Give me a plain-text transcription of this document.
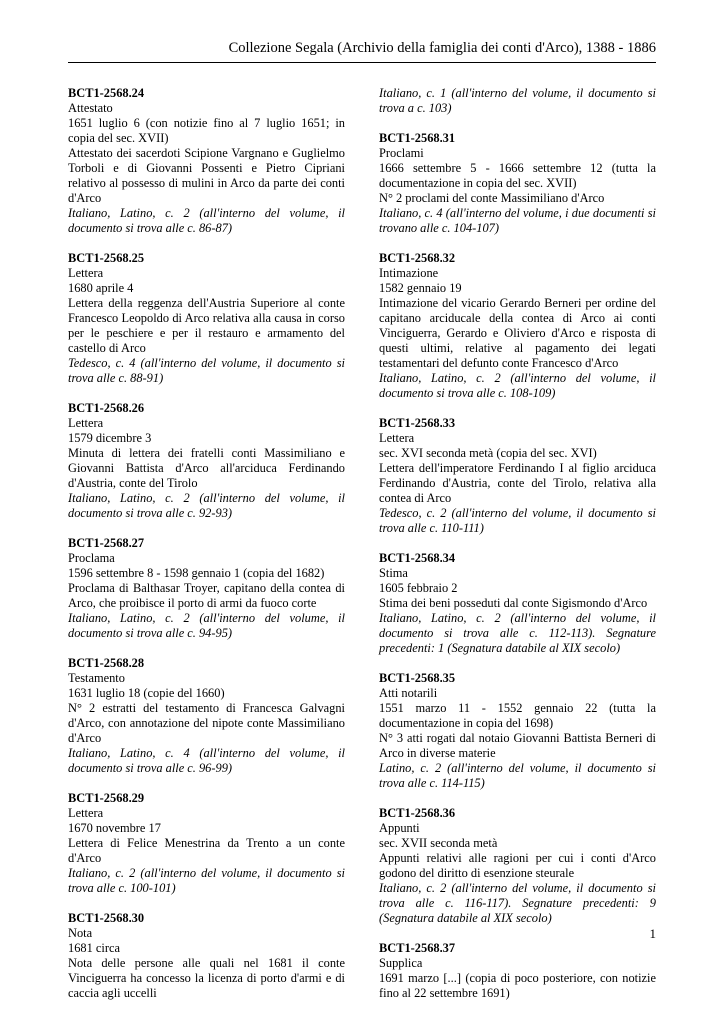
Collezione Segala (Archivio della famiglia dei conti d'Arco), 1388 - 1886
BCT1-2568.24
Attestato
1651 luglio 6 (con notizie fino al 7 luglio 1651; in copia del sec. XVII)
Attestato dei sacerdoti Scipione Vargnano e Guglielmo Torboli e di Giovanni Possenti e Pietro Cipriani relativo al possesso di mulini in Arco da parte dei conti d'Arco
Italiano, Latino, c. 2 (all'interno del volume, il documento si trova alle c. 86-87)
BCT1-2568.25
Lettera
1680 aprile 4
Lettera della reggenza dell'Austria Superiore al conte Francesco Leopoldo di Arco relativa alla causa in corso per le peschiere e per il restauro e armamento del castello di Arco
Tedesco, c. 4 (all'interno del volume, il documento si trova alle c. 88-91)
BCT1-2568.26
Lettera
1579 dicembre 3
Minuta di lettera dei fratelli conti Massimiliano e Giovanni Battista d'Arco all'arciduca Ferdinando d'Austria, conte del Tirolo
Italiano, Latino, c. 2 (all'interno del volume, il documento si trova alle c. 92-93)
BCT1-2568.27
Proclama
1596 settembre 8 - 1598 gennaio 1 (copia del 1682)
Proclama di Balthasar Troyer, capitano della contea di Arco, che proibisce il porto di armi da fuoco corte
Italiano, Latino, c. 2 (all'interno del volume, il documento si trova alle c. 94-95)
BCT1-2568.28
Testamento
1631 luglio 18 (copie del 1660)
N° 2 estratti del testamento di Francesca Galvagni d'Arco, con annotazione del nipote conte Massimiliano d'Arco
Italiano, Latino, c. 4 (all'interno del volume, il documento si trova alle c. 96-99)
BCT1-2568.29
Lettera
1670 novembre 17
Lettera di Felice Menestrina da Trento a un conte d'Arco
Italiano, c. 2 (all'interno del volume, il documento si trova alle c. 100-101)
BCT1-2568.30
Nota
1681 circa
Nota delle persone alle quali nel 1681 il conte Vinciguerra ha concesso la licenza di porto d'armi e di caccia agli uccelli
Italiano, c. 1 (all'interno del volume, il documento si trova a c. 103)
BCT1-2568.31
Proclami
1666 settembre 5 - 1666 settembre 12 (tutta la documentazione in copia del sec. XVII)
N° 2 proclami del conte Massimiliano d'Arco
Italiano, c. 4 (all'interno del volume, i due documenti si trovano alle c. 104-107)
BCT1-2568.32
Intimazione
1582 gennaio 19
Intimazione del vicario Gerardo Berneri per ordine del capitano arciducale della contea di Arco ai conti Vinciguerra, Gerardo e Oliviero d'Arco e risposta di questi ultimi, relative al pagamento dei legati testamentari del defunto conte Francesco d'Arco
Italiano, Latino, c. 2 (all'interno del volume, il documento si trova alle c. 108-109)
BCT1-2568.33
Lettera
sec. XVI seconda metà (copia del sec. XVI)
Lettera dell'imperatore Ferdinando I al figlio arciduca Ferdinando d'Austria, conte del Tirolo, relativa alla contea di Arco
Tedesco, c. 2 (all'interno del volume, il documento si trova alle c. 110-111)
BCT1-2568.34
Stima
1605 febbraio 2
Stima dei beni posseduti dal conte Sigismondo d'Arco
Italiano, Latino, c. 2 (all'interno del volume, il documento si trova alle c. 112-113). Segnature precedenti: 1 (Segnatura databile al XIX secolo)
BCT1-2568.35
Atti notarili
1551 marzo 11 - 1552 gennaio 22 (tutta la documentazione in copia del 1698)
N° 3 atti rogati dal notaio Giovanni Battista Berneri di Arco in diverse materie
Latino, c. 2 (all'interno del volume, il documento si trova alle c. 114-115)
BCT1-2568.36
Appunti
sec. XVII seconda metà
Appunti relativi alle ragioni per cui i conti d'Arco godono del diritto di esenzione steurale
Italiano, c. 2 (all'interno del volume, il documento si trova alle c. 116-117). Segnature precedenti: 9 (Segnatura databile al XIX secolo)
BCT1-2568.37
Supplica
1691 marzo [...] (copia di poco posteriore, con notizie fino al 22 settembre 1691)
1
